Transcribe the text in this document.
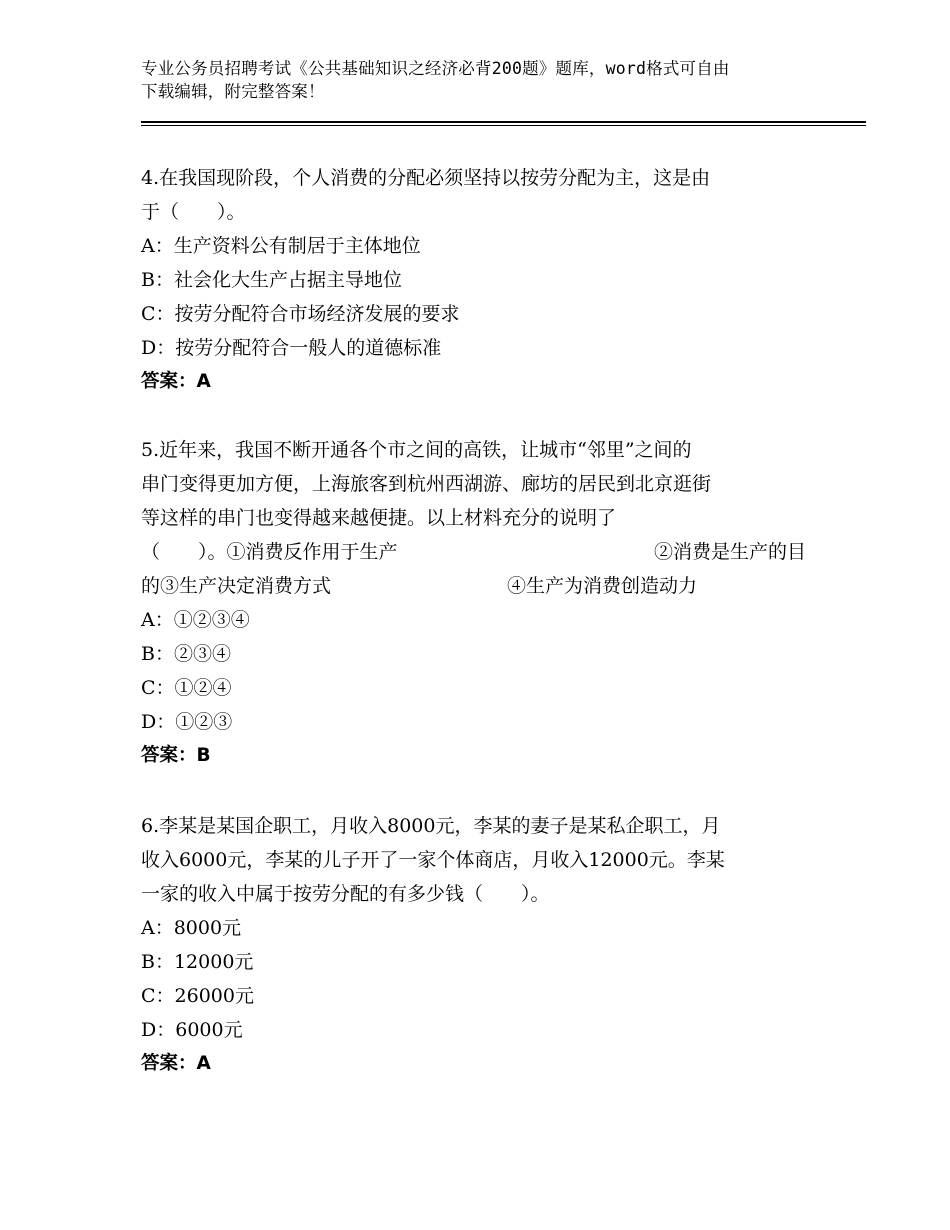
专业公务员招聘考试《公共基础知识之经济必背200题》题库，word格式可自由
下载编辑，附完整答案！

4.在我国现阶段，个人消费的分配必须坚持以按劳分配为主，这是由

于（　　）。

A：生产资料公有制居于主体地位

B：社会化大生产占据主导地位

C：按劳分配符合市场经济发展的要求

D：按劳分配符合一般人的道德标准

答案：A

5.近年来，我国不断开通各个市之间的高铁，让城市“邻里”之间的

串门变得更加方便，上海旅客到杭州西湖游、廊坊的居民到北京逛街

等这样的串门也变得越来越便捷。以上材料充分的说明了

（　　）。①消费反作用于生产	②消费是生产的目
的③生产决定消费方式	④生产为消费创造动力

A：①②③④

B：②③④

C：①②④

D：①②③

答案：B

6.李某是某国企职工，月收入8000元，李某的妻子是某私企职工，月

收入6000元，李某的儿子开了一家个体商店，月收入12000元。李某

一家的收入中属于按劳分配的有多少钱（　　）。

A：8000元

B：12000元

C：26000元

D：6000元

答案：A
